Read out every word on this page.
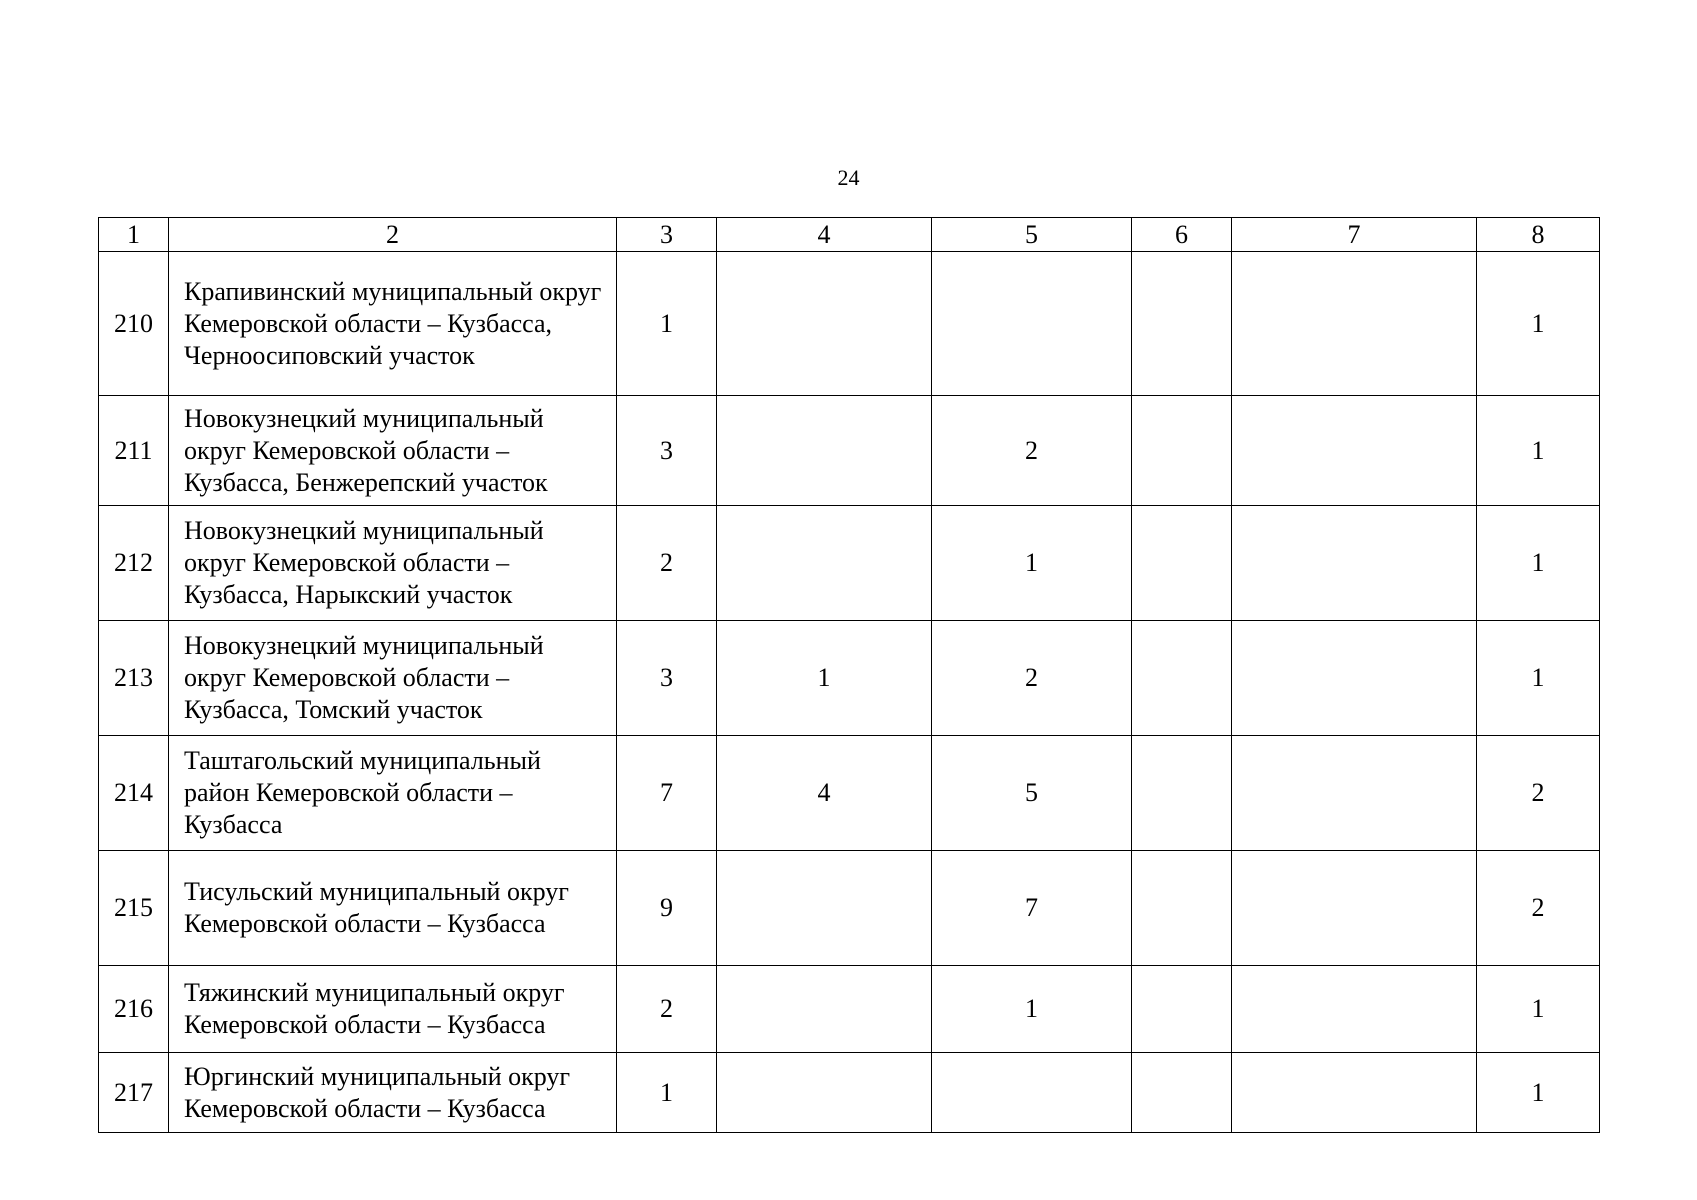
24
1	2	3	4	5	6	7	8
210	Крапивинский муниципальный округ Кемеровской области – Кузбасса, Черноосиповский участок	1					1
211	Новокузнецкий муниципальный округ Кемеровской области – Кузбасса, Бенжерепский участок	3		2			1
212	Новокузнецкий муниципальный округ Кемеровской области – Кузбасса, Нарыкский участок	2		1			1
213	Новокузнецкий муниципальный округ Кемеровской области – Кузбасса, Томский участок	3	1	2			1
214	Таштагольский муниципальный район Кемеровской области – Кузбасса	7	4	5			2
215	Тисульский муниципальный округ Кемеровской области – Кузбасса	9		7			2
216	Тяжинский муниципальный округ Кемеровской области – Кузбасса	2		1			1
217	Юргинский муниципальный округ Кемеровской области – Кузбасса	1					1
